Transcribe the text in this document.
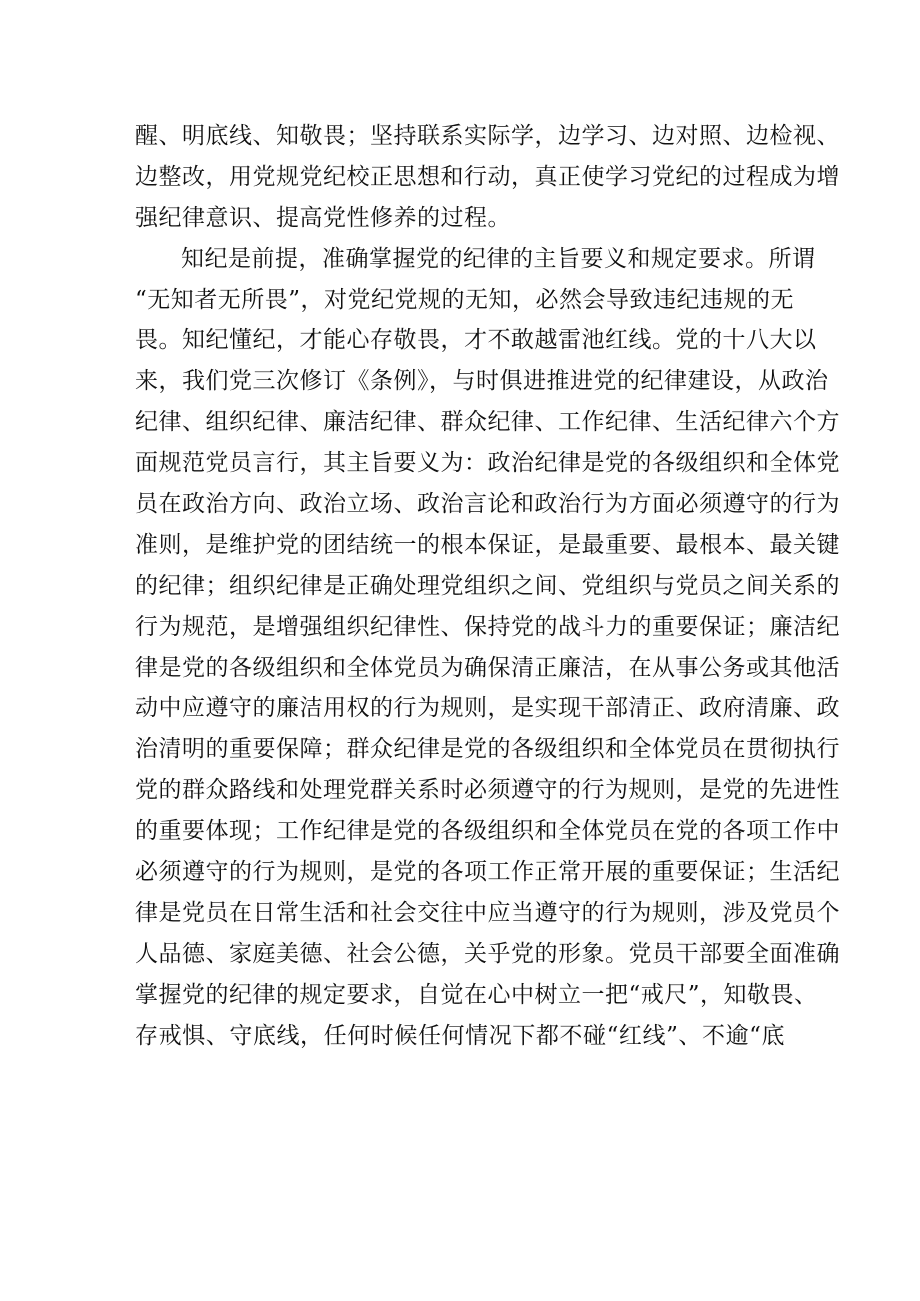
醒、明底线、知敬畏；坚持联系实际学，边学习、边对照、边检视、
边整改，用党规党纪校正思想和行动，真正使学习党纪的过程成为增
强纪律意识、提高党性修养的过程。
知纪是前提，准确掌握党的纪律的主旨要义和规定要求。所谓
“无知者无所畏”，对党纪党规的无知，必然会导致违纪违规的无
畏。知纪懂纪，才能心存敬畏，才不敢越雷池红线。党的十八大以
来，我们党三次修订《条例》，与时俱进推进党的纪律建设，从政治
纪律、组织纪律、廉洁纪律、群众纪律、工作纪律、生活纪律六个方
面规范党员言行，其主旨要义为：政治纪律是党的各级组织和全体党
员在政治方向、政治立场、政治言论和政治行为方面必须遵守的行为
准则，是维护党的团结统一的根本保证，是最重要、最根本、最关键
的纪律；组织纪律是正确处理党组织之间、党组织与党员之间关系的
行为规范，是增强组织纪律性、保持党的战斗力的重要保证；廉洁纪
律是党的各级组织和全体党员为确保清正廉洁，在从事公务或其他活
动中应遵守的廉洁用权的行为规则，是实现干部清正、政府清廉、政
治清明的重要保障；群众纪律是党的各级组织和全体党员在贯彻执行
党的群众路线和处理党群关系时必须遵守的行为规则，是党的先进性
的重要体现；工作纪律是党的各级组织和全体党员在党的各项工作中
必须遵守的行为规则，是党的各项工作正常开展的重要保证；生活纪
律是党员在日常生活和社会交往中应当遵守的行为规则，涉及党员个
人品德、家庭美德、社会公德，关乎党的形象。党员干部要全面准确
掌握党的纪律的规定要求，自觉在心中树立一把“戒尺”，知敬畏、
存戒惧、守底线，任何时候任何情况下都不碰“红线”、不逾“底
